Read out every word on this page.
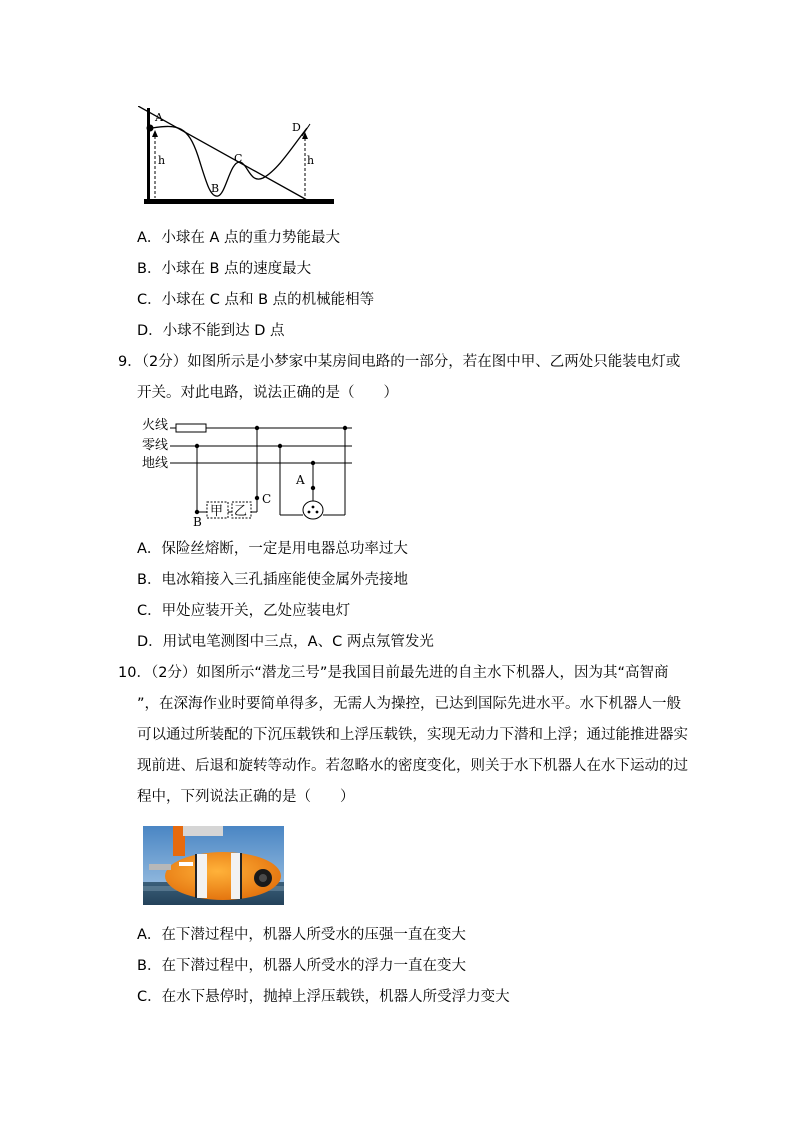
A
B
C
D
h	h
A．小球在 A 点的重力势能最大
B．小球在 B 点的速度最大
C．小球在 C 点和 B 点的机械能相等
D．小球不能到达 D 点
9．（2分）如图所示是小梦家中某房间电路的一部分，若在图中甲、乙两处只能装电灯或
开关。对此电路，说法正确的是（　　）
火线
零线
地线
甲 乙
A
B
C
A．保险丝熔断，一定是用电器总功率过大
B．电冰箱接入三孔插座能使金属外壳接地
C．甲处应装开关，乙处应装电灯
D．用试电笔测图中三点，A、C 两点氖管发光
10．（2分）如图所示“潜龙三号”是我国目前最先进的自主水下机器人，因为其“高智商
”，在深海作业时要简单得多，无需人为操控，已达到国际先进水平。水下机器人一般
可以通过所装配的下沉压载铁和上浮压载铁，实现无动力下潜和上浮；通过能推进器实
现前进、后退和旋转等动作。若忽略水的密度变化，则关于水下机器人在水下运动的过
程中，下列说法正确的是（　　）
A．在下潜过程中，机器人所受水的压强一直在变大
B．在下潜过程中，机器人所受水的浮力一直在变大
C．在水下悬停时，抛掉上浮压载铁，机器人所受浮力变大
